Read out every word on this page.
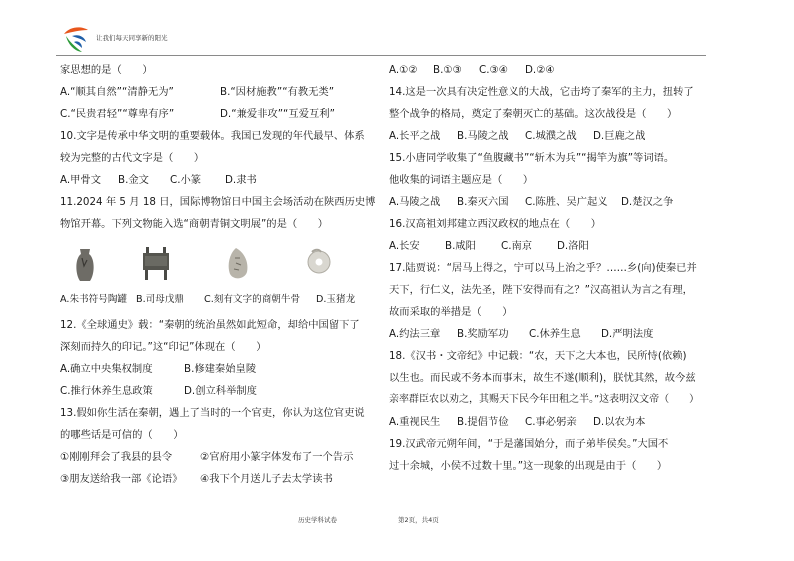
让我们每天同享新的阳光
家思想的是（　　）
A.“顺其自然”“清静无为”	B.“因材施教”“有教无类”
C.“民贵君轻”“尊卑有序”	D.“兼爱非攻”“互爱互利”
10.文字是传承中华文明的重要载体。我国已发现的年代最早、体系
较为完整的古代文字是（　　）
A.甲骨文 B.金文 C.小篆 D.隶书
11.2024 年 5 月 18 日，国际博物馆日中国主会场活动在陕西历史博
物馆开幕。下列文物能入选“商朝青铜文明展”的是（　　）
A.朱书符号陶罐 B.司母戊鼎 C.刻有文字的商朝牛骨 D.玉猪龙
12.《全球通史》载：“秦朝的统治虽然如此短命，却给中国留下了
深刻而持久的印记。”这“印记”体现在（　　）
A.确立中央集权制度	B.修建秦始皇陵
C.推行休养生息政策	D.创立科举制度
13.假如你生活在秦朝，遇上了当时的一个官吏，你认为这位官吏说
的哪些话是可信的（　　）
①刚刚拜会了我县的县令	②官府用小篆字体发布了一个告示
③朋友送给我一部《论语》 ④我下个月送儿子去太学读书
A.①② B.①③ C.③④ D.②④
14.这是一次具有决定性意义的大战，它击垮了秦军的主力，扭转了
整个战争的格局，奠定了秦朝灭亡的基础。这次战役是（　　）
A.长平之战 B.马陵之战 C.城濮之战 D.巨鹿之战
15.小唐同学收集了“鱼腹藏书”“斩木为兵”“揭竿为旗”等词语。
他收集的词语主题应是（　　）
A.马陵之战 B.秦灭六国 C.陈胜、吴广起义 D.楚汉之争
16.汉高祖刘邦建立西汉政权的地点在（　　）
A.长安 B.咸阳 C.南京 D.洛阳
17.陆贾说：“居马上得之，宁可以马上治之乎？……乡(向)使秦已并
天下，行仁义，法先圣，陛下安得而有之？”汉高祖认为言之有理，
故而采取的举措是（　　）
A.约法三章 B.奖励军功 C.休养生息 D.严明法度
18.《汉书・文帝纪》中记载：“农，天下之大本也，民所恃(依赖)
以生也。而民或不务本而事末，故生不遂(顺利)，朕忧其然，故今兹
亲率群臣农以劝之，其赐天下民今年田租之半。”这表明汉文帝（　　）
A.重视民生 B.提倡节俭 C.事必躬亲 D.以农为本
19.汉武帝元朔年间，“于是藩国始分，而子弟毕侯矣。”大国不
过十余城，小侯不过数十里。”这一现象的出现是由于（　　）
历史学科试卷	第2页，共4页
